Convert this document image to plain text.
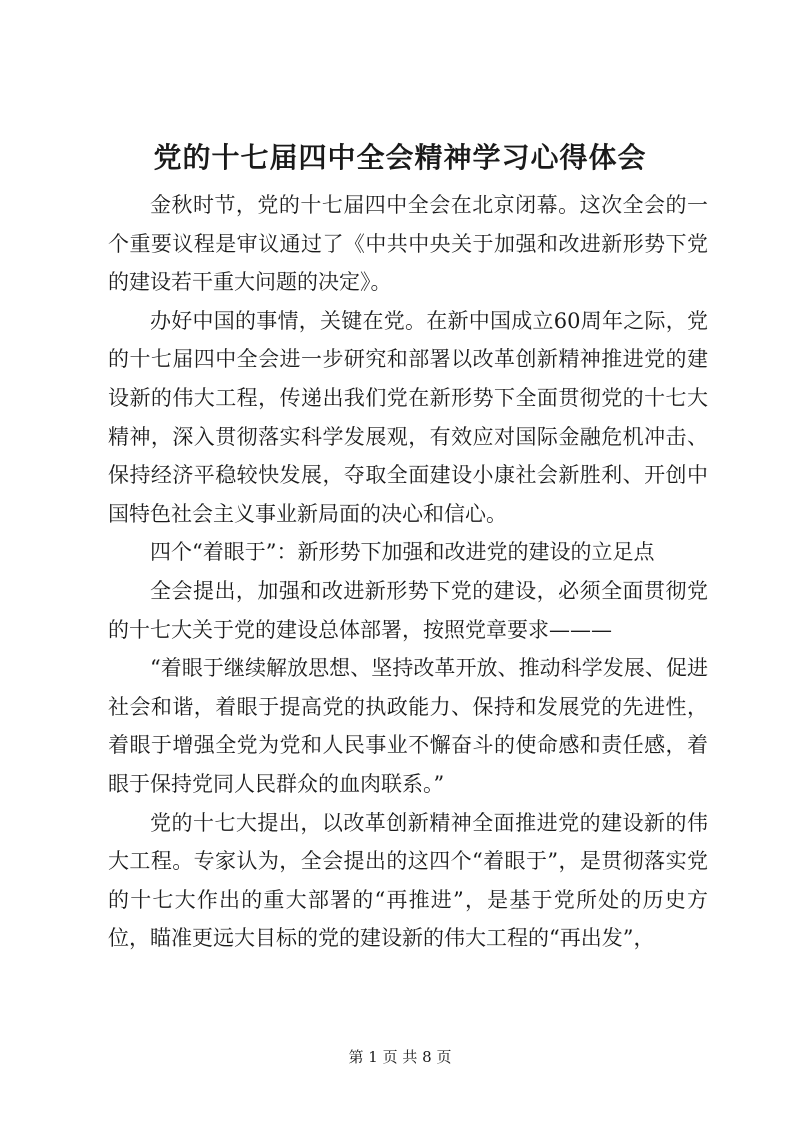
党的十七届四中全会精神学习心得体会

金秋时节，党的十七届四中全会在北京闭幕。这次全会的一个重要议程是审议通过了《中共中央关于加强和改进新形势下党的建设若干重大问题的决定》。

办好中国的事情，关键在党。在新中国成立60周年之际，党的十七届四中全会进一步研究和部署以改革创新精神推进党的建设新的伟大工程，传递出我们党在新形势下全面贯彻党的十七大精神，深入贯彻落实科学发展观，有效应对国际金融危机冲击、保持经济平稳较快发展，夺取全面建设小康社会新胜利、开创中国特色社会主义事业新局面的决心和信心。

四个“着眼于”：新形势下加强和改进党的建设的立足点

全会提出，加强和改进新形势下党的建设，必须全面贯彻党的十七大关于党的建设总体部署，按照党章要求———

“着眼于继续解放思想、坚持改革开放、推动科学发展、促进社会和谐，着眼于提高党的执政能力、保持和发展党的先进性，着眼于增强全党为党和人民事业不懈奋斗的使命感和责任感，着眼于保持党同人民群众的血肉联系。”

党的十七大提出，以改革创新精神全面推进党的建设新的伟大工程。专家认为，全会提出的这四个“着眼于”，是贯彻落实党的十七大作出的重大部署的“再推进”，是基于党所处的历史方位，瞄准更远大目标的党的建设新的伟大工程的“再出发”，

第 1 页 共 8 页
